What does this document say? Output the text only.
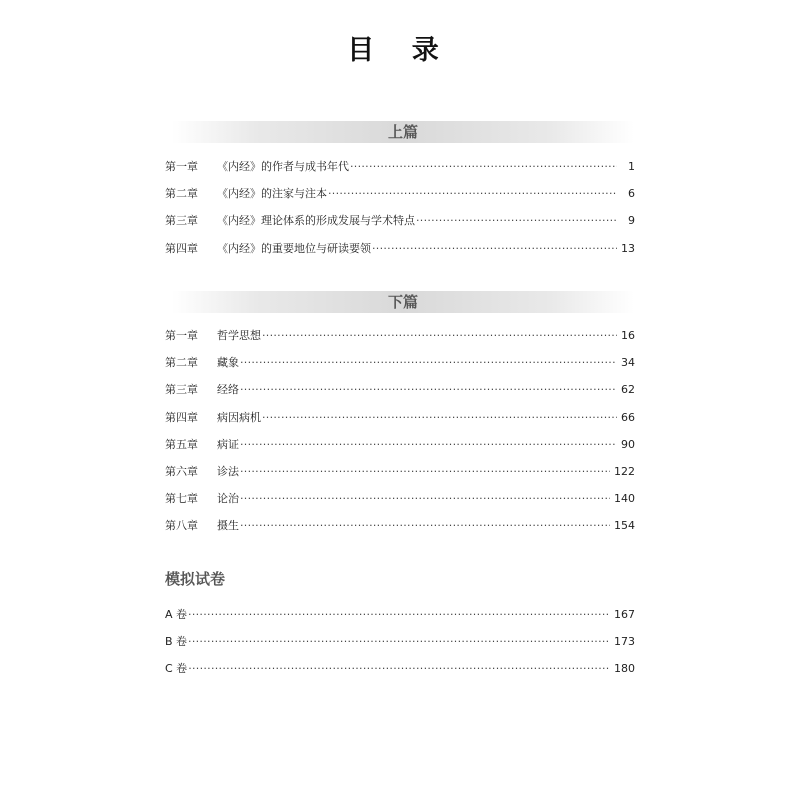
目 录
上篇
第一章	《内经》的作者与成书年代 ·····	1
第二章	《内经》的注家与注本 ·····	6
第三章	《内经》理论体系的形成发展与学术特点 ·····	9
第四章	《内经》的重要地位与研读要领 ·····	13
下篇
第一章	哲学思想 ·····	16
第二章	藏象 ·····	34
第三章	经络 ·····	62
第四章	病因病机 ·····	66
第五章	病证 ·····	90
第六章	诊法 ·····	122
第七章	论治 ·····	140
第八章	摄生 ·····	154
模拟试卷
A 卷 ·····	167
B 卷 ·····	173
C 卷 ·····	180
